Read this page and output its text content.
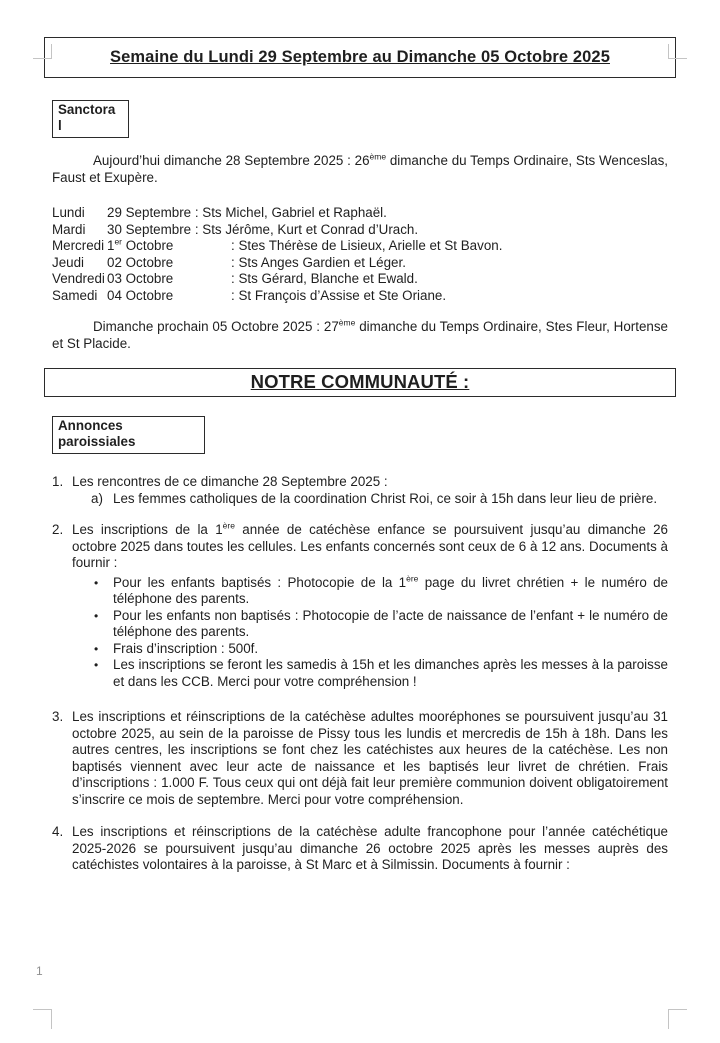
Semaine du Lundi 29 Septembre au Dimanche 05 Octobre 2025
Sanctora
l

Aujourd’hui dimanche 28 Septembre 2025 : 26ème dimanche du Temps Ordinaire, Sts Wenceslas, Faust et Exupère.

Lundi	29 Septembre : Sts Michel, Gabriel et Raphaël.
Mardi	30 Septembre : Sts Jérôme, Kurt et Conrad d’Urach.
Mercredi 1er Octobre	: Stes Thérèse de Lisieux, Arielle et St Bavon.
Jeudi	02 Octobre	: Sts Anges Gardien et Léger.
Vendredi 03 Octobre	: Sts Gérard, Blanche et Ewald.
Samedi 04 Octobre	: St François d’Assise et Ste Oriane.

Dimanche prochain 05 Octobre 2025 : 27ème dimanche du Temps Ordinaire, Stes Fleur, Hortense et St Placide.

NOTRE COMMUNAUTÉ :
Annonces
paroissiales
1. Les rencontres de ce dimanche 28 Septembre 2025 :

a) Les femmes catholiques de la coordination Christ Roi, ce soir à 15h dans leur lieu de prière.
2. Les inscriptions de la 1ère année de catéchèse enfance se poursuivent jusqu’au dimanche 26 octobre 2025 dans toutes les cellules. Les enfants concernés sont ceux de 6 à 12 ans. Documents à fournir :

•	Pour les enfants baptisés : Photocopie de la 1ère page du livret chrétien + le numéro de téléphone des parents.
•	Pour les enfants non baptisés : Photocopie de l’acte de naissance de l’enfant + le numéro de téléphone des parents.
•	Frais d’inscription : 500f.
•	Les inscriptions se feront les samedis à 15h et les dimanches après les messes à la paroisse et dans les CCB. Merci pour votre compréhension !
3. Les inscriptions et réinscriptions de la catéchèse adultes mooréphones se poursuivent jusqu’au 31 octobre 2025, au sein de la paroisse de Pissy tous les lundis et mercredis de 15h à 18h. Dans les autres centres, les inscriptions se font chez les catéchistes aux heures de la catéchèse. Les non baptisés viennent avec leur acte de naissance et les baptisés leur livret de chrétien. Frais d’inscriptions : 1.000 F. Tous ceux qui ont déjà fait leur première communion doivent obligatoirement s’inscrire ce mois de septembre. Merci pour votre compréhension.

4. Les inscriptions et réinscriptions de la catéchèse adulte francophone pour l’année catéchétique 2025-2026 se poursuivent jusqu’au dimanche 26 octobre 2025 après les messes auprès des catéchistes volontaires à la paroisse, à St Marc et à Silmissin. Documents à fournir :

1
